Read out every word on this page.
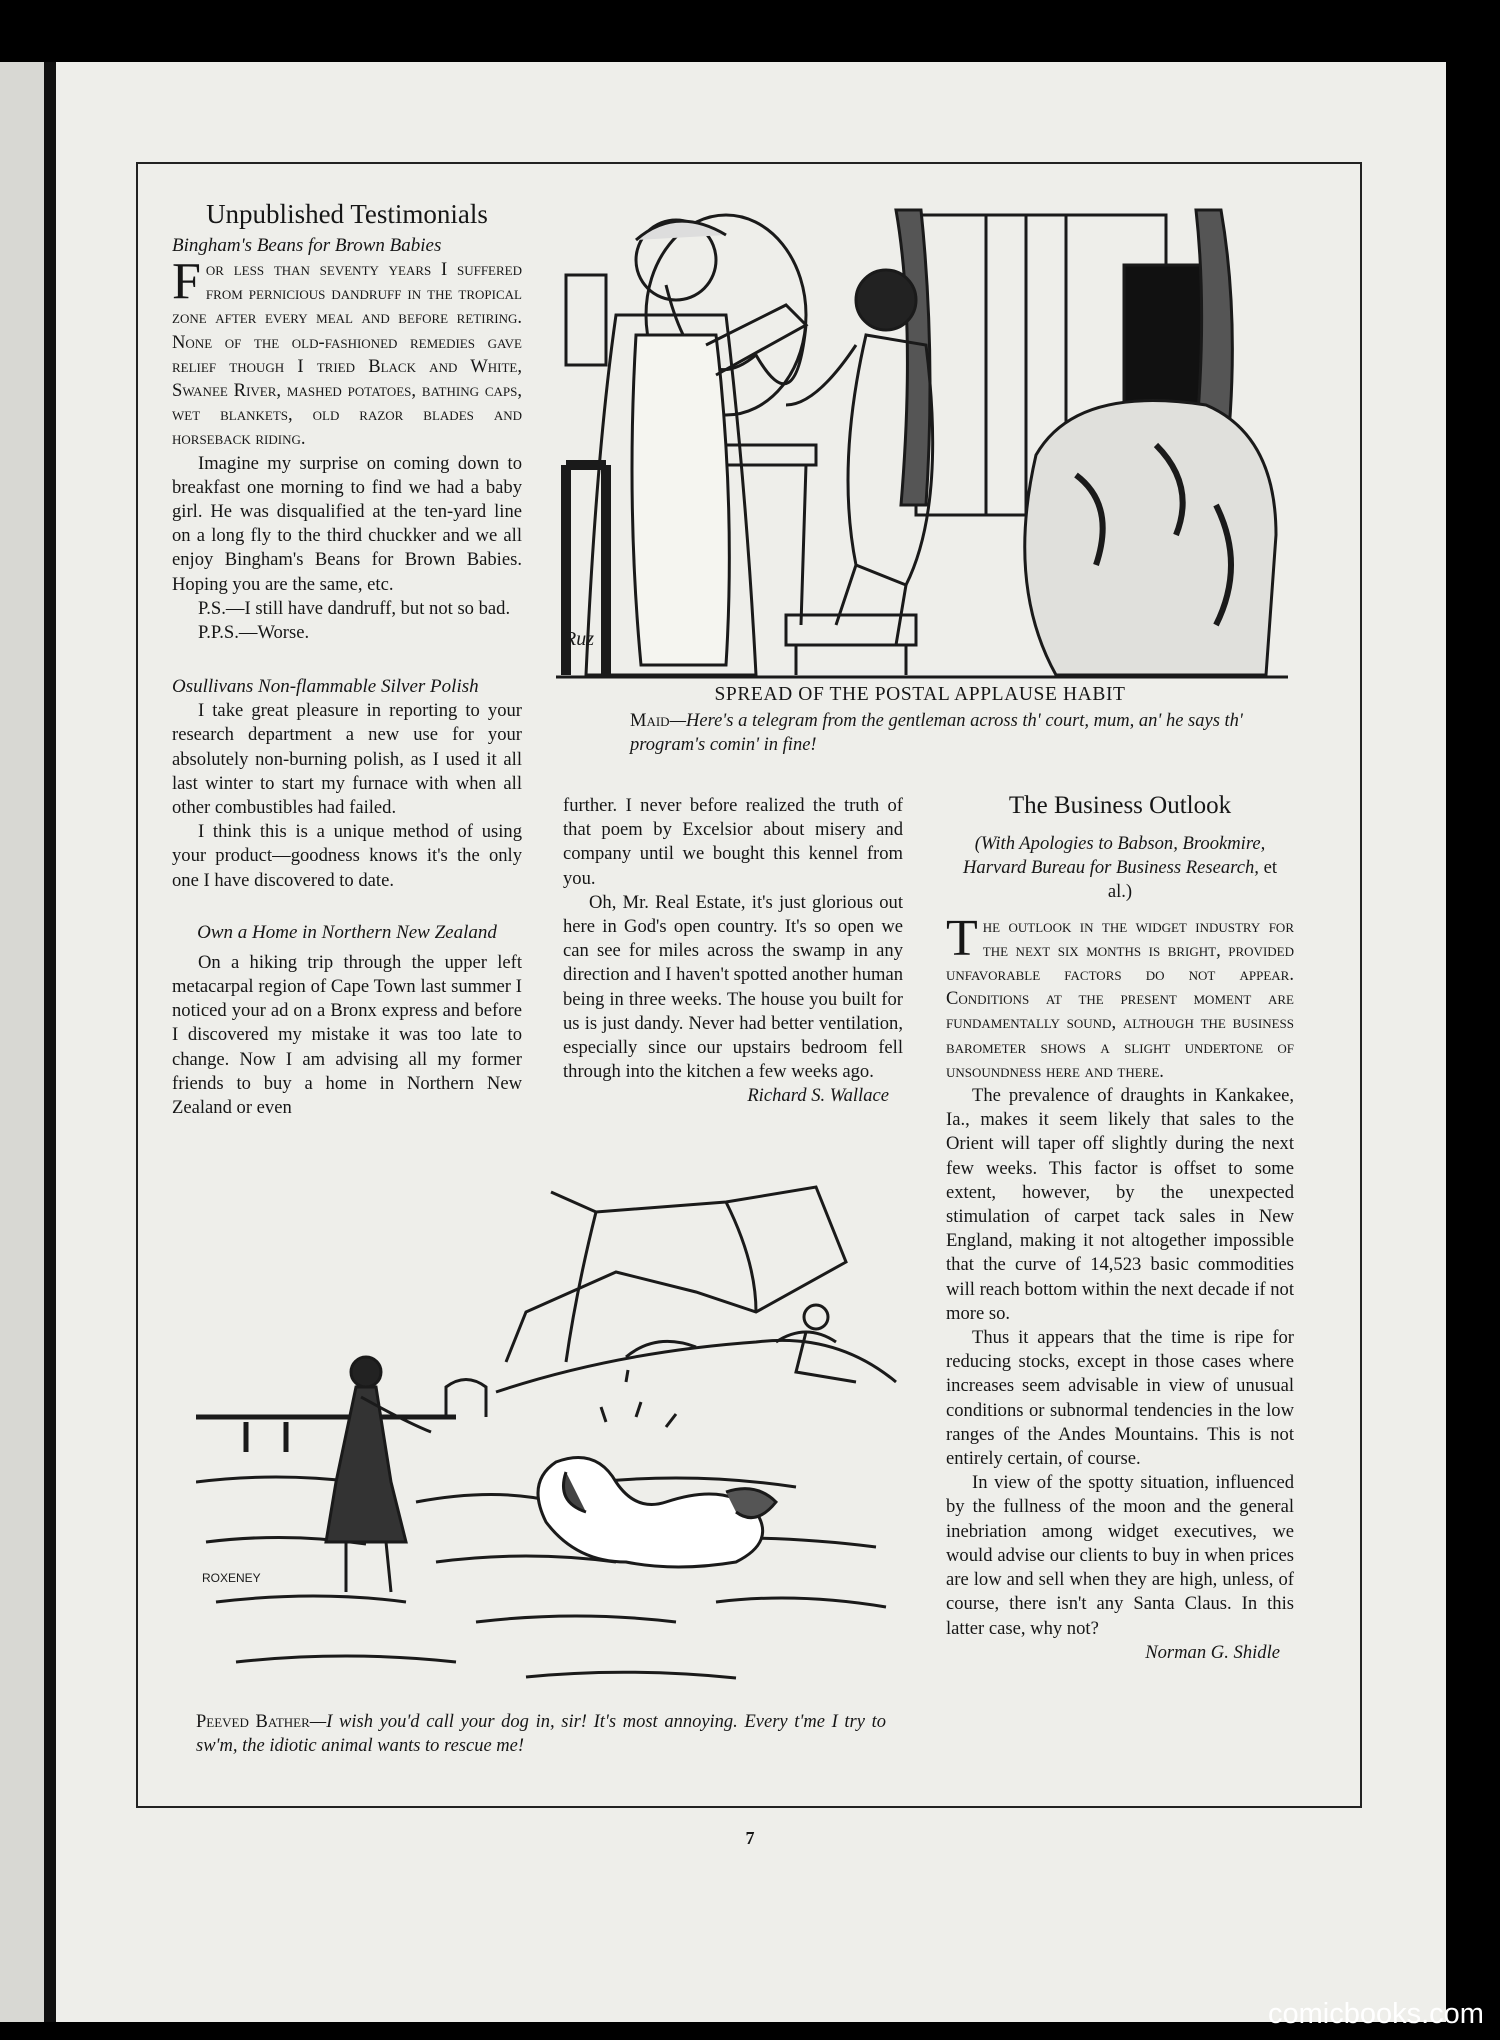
Unpublished Testimonials
Bingham's Beans for Brown Babies

For less than seventy years I suffered from pernicious dandruff in the tropical zone after every meal and before retiring. None of the old-fashioned remedies gave relief though I tried Black and White, Swanee River, mashed potatoes, bathing caps, wet blankets, old razor blades and horseback riding.

Imagine my surprise on coming down to breakfast one morning to find we had a baby girl. He was disqualified at the ten-yard line on a long fly to the third chuckker and we all enjoy Bingham's Beans for Brown Babies. Hoping you are the same, etc.

P.S.—I still have dandruff, but not so bad.

P.P.S.—Worse.

Osullivans Non-flammable Silver Polish

I take great pleasure in reporting to your research department a new use for your absolutely non-burning polish, as I used it all last winter to start my furnace with when all other combustibles had failed.

I think this is a unique method of using your product—goodness knows it's the only one I have discovered to date.

Own a Home in Northern New Zealand

On a hiking trip through the upper left metacarpal region of Cape Town last summer I noticed your ad on a Bronx express and before I discovered my mistake it was too late to change. Now I am advising all my former friends to buy a home in Northern New Zealand or even

Ruz
SPREAD OF THE POSTAL APPLAUSE HABIT
Maid—Here's a telegram from the gentleman across th' court, mum, an' he says th' program's comin' in fine!

further. I never before realized the truth of that poem by Excelsior about misery and company until we bought this kennel from you.

Oh, Mr. Real Estate, it's just glorious out here in God's open country. It's so open we can see for miles across the swamp in any direction and I haven't spotted another human being in three weeks. The house you built for us is just dandy. Never had better ventilation, especially since our upstairs bedroom fell through into the kitchen a few weeks ago.

Richard S. Wallace

ROXENEY
Peeved Bather—I wish you'd call your dog in, sir! It's most annoying. Every t'me I try to sw'm, the idiotic animal wants to rescue me!
The Business Outlook

(With Apologies to Babson, Brookmire, Harvard Bureau for Business Research, et al.)

The outlook in the widget industry for the next six months is bright, provided unfavorable factors do not appear. Conditions at the present moment are fundamentally sound, although the business barometer shows a slight undertone of unsoundness here and there.

The prevalence of draughts in Kankakee, Ia., makes it seem likely that sales to the Orient will taper off slightly during the next few weeks. This factor is offset to some extent, however, by the unexpected stimulation of carpet tack sales in New England, making it not altogether impossible that the curve of 14,523 basic commodities will reach bottom within the next decade if not more so.

Thus it appears that the time is ripe for reducing stocks, except in those cases where increases seem advisable in view of unusual conditions or subnormal tendencies in the low ranges of the Andes Mountains. This is not entirely certain, of course.

In view of the spotty situation, influenced by the fullness of the moon and the general inebriation among widget executives, we would advise our clients to buy in when prices are low and sell when they are high, unless, of course, there isn't any Santa Claus. In this latter case, why not?

Norman G. Shidle

7
comicbooks.com
